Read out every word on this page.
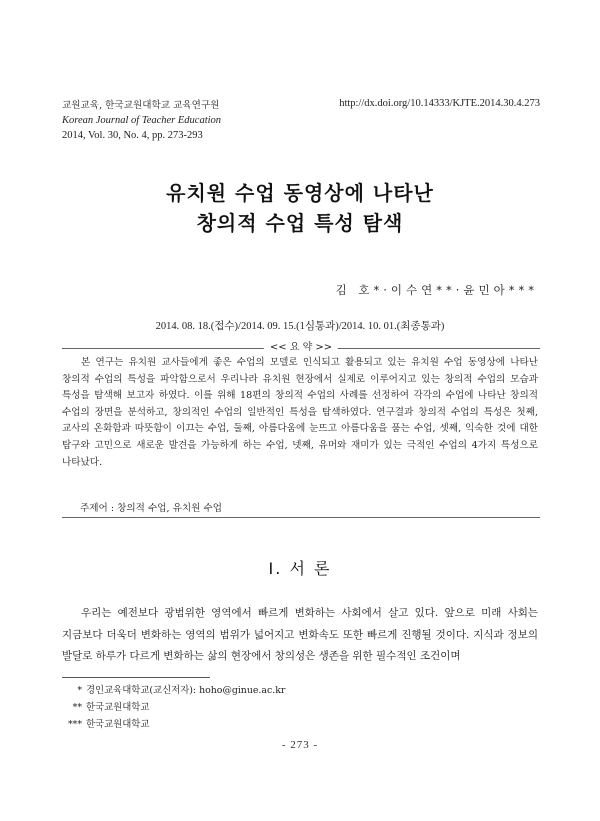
교원교육, 한국교원대학교 교육연구원
Korean Journal of Teacher Education
2014, Vol. 30, No. 4, pp. 273-293
http://dx.doi.org/10.14333/KJTE.2014.30.4.273
유치원 수업 동영상에 나타난
창의적 수업 특성 탐색
김 호*·이수연**·윤민아***
2014. 08. 18.(접수)/2014. 09. 15.(1심통과)/2014. 10. 01.(최종통과)
<< 요 약 >>

본 연구는 유치원 교사들에게 좋은 수업의 모델로 인식되고 활용되고 있는 유치원 수업 동영상에 나타난 창의적 수업의 특성을 파악함으로서 우리나라 유치원 현장에서 실제로 이루어지고 있는 창의적 수업의 모습과 특성을 탐색해 보고자 하였다. 이를 위해 18편의 창의적 수업의 사례를 선정하여 각각의 수업에 나타난 창의적 수업의 장면을 분석하고, 창의적인 수업의 일반적인 특성을 탐색하였다. 연구결과 창의적 수업의 특성은 첫째, 교사의 온화함과 따뜻함이 이끄는 수업, 둘째, 아름다움에 눈뜨고 아름다움을 품는 수업, 셋째, 익숙한 것에 대한 탐구와 고민으로 새로운 발견을 가능하게 하는 수업, 넷째, 유머와 재미가 있는 극적인 수업의 4가지 특성으로 나타났다.

주제어 : 창의적 수업, 유치원 수업
Ⅰ. 서 론

우리는 예전보다 광범위한 영역에서 빠르게 변화하는 사회에서 살고 있다. 앞으로 미래 사회는 지금보다 더욱더 변화하는 영역의 범위가 넓어지고 변화속도 또한 빠르게 진행될 것이다. 지식과 정보의 발달로 하루가 다르게 변화하는 삶의 현장에서 창의성은 생존을 위한 필수적인 조건이며

* 경인교육대학교(교신저자): hoho@ginue.ac.kr
** 한국교원대학교
*** 한국교원대학교
- 273 -
